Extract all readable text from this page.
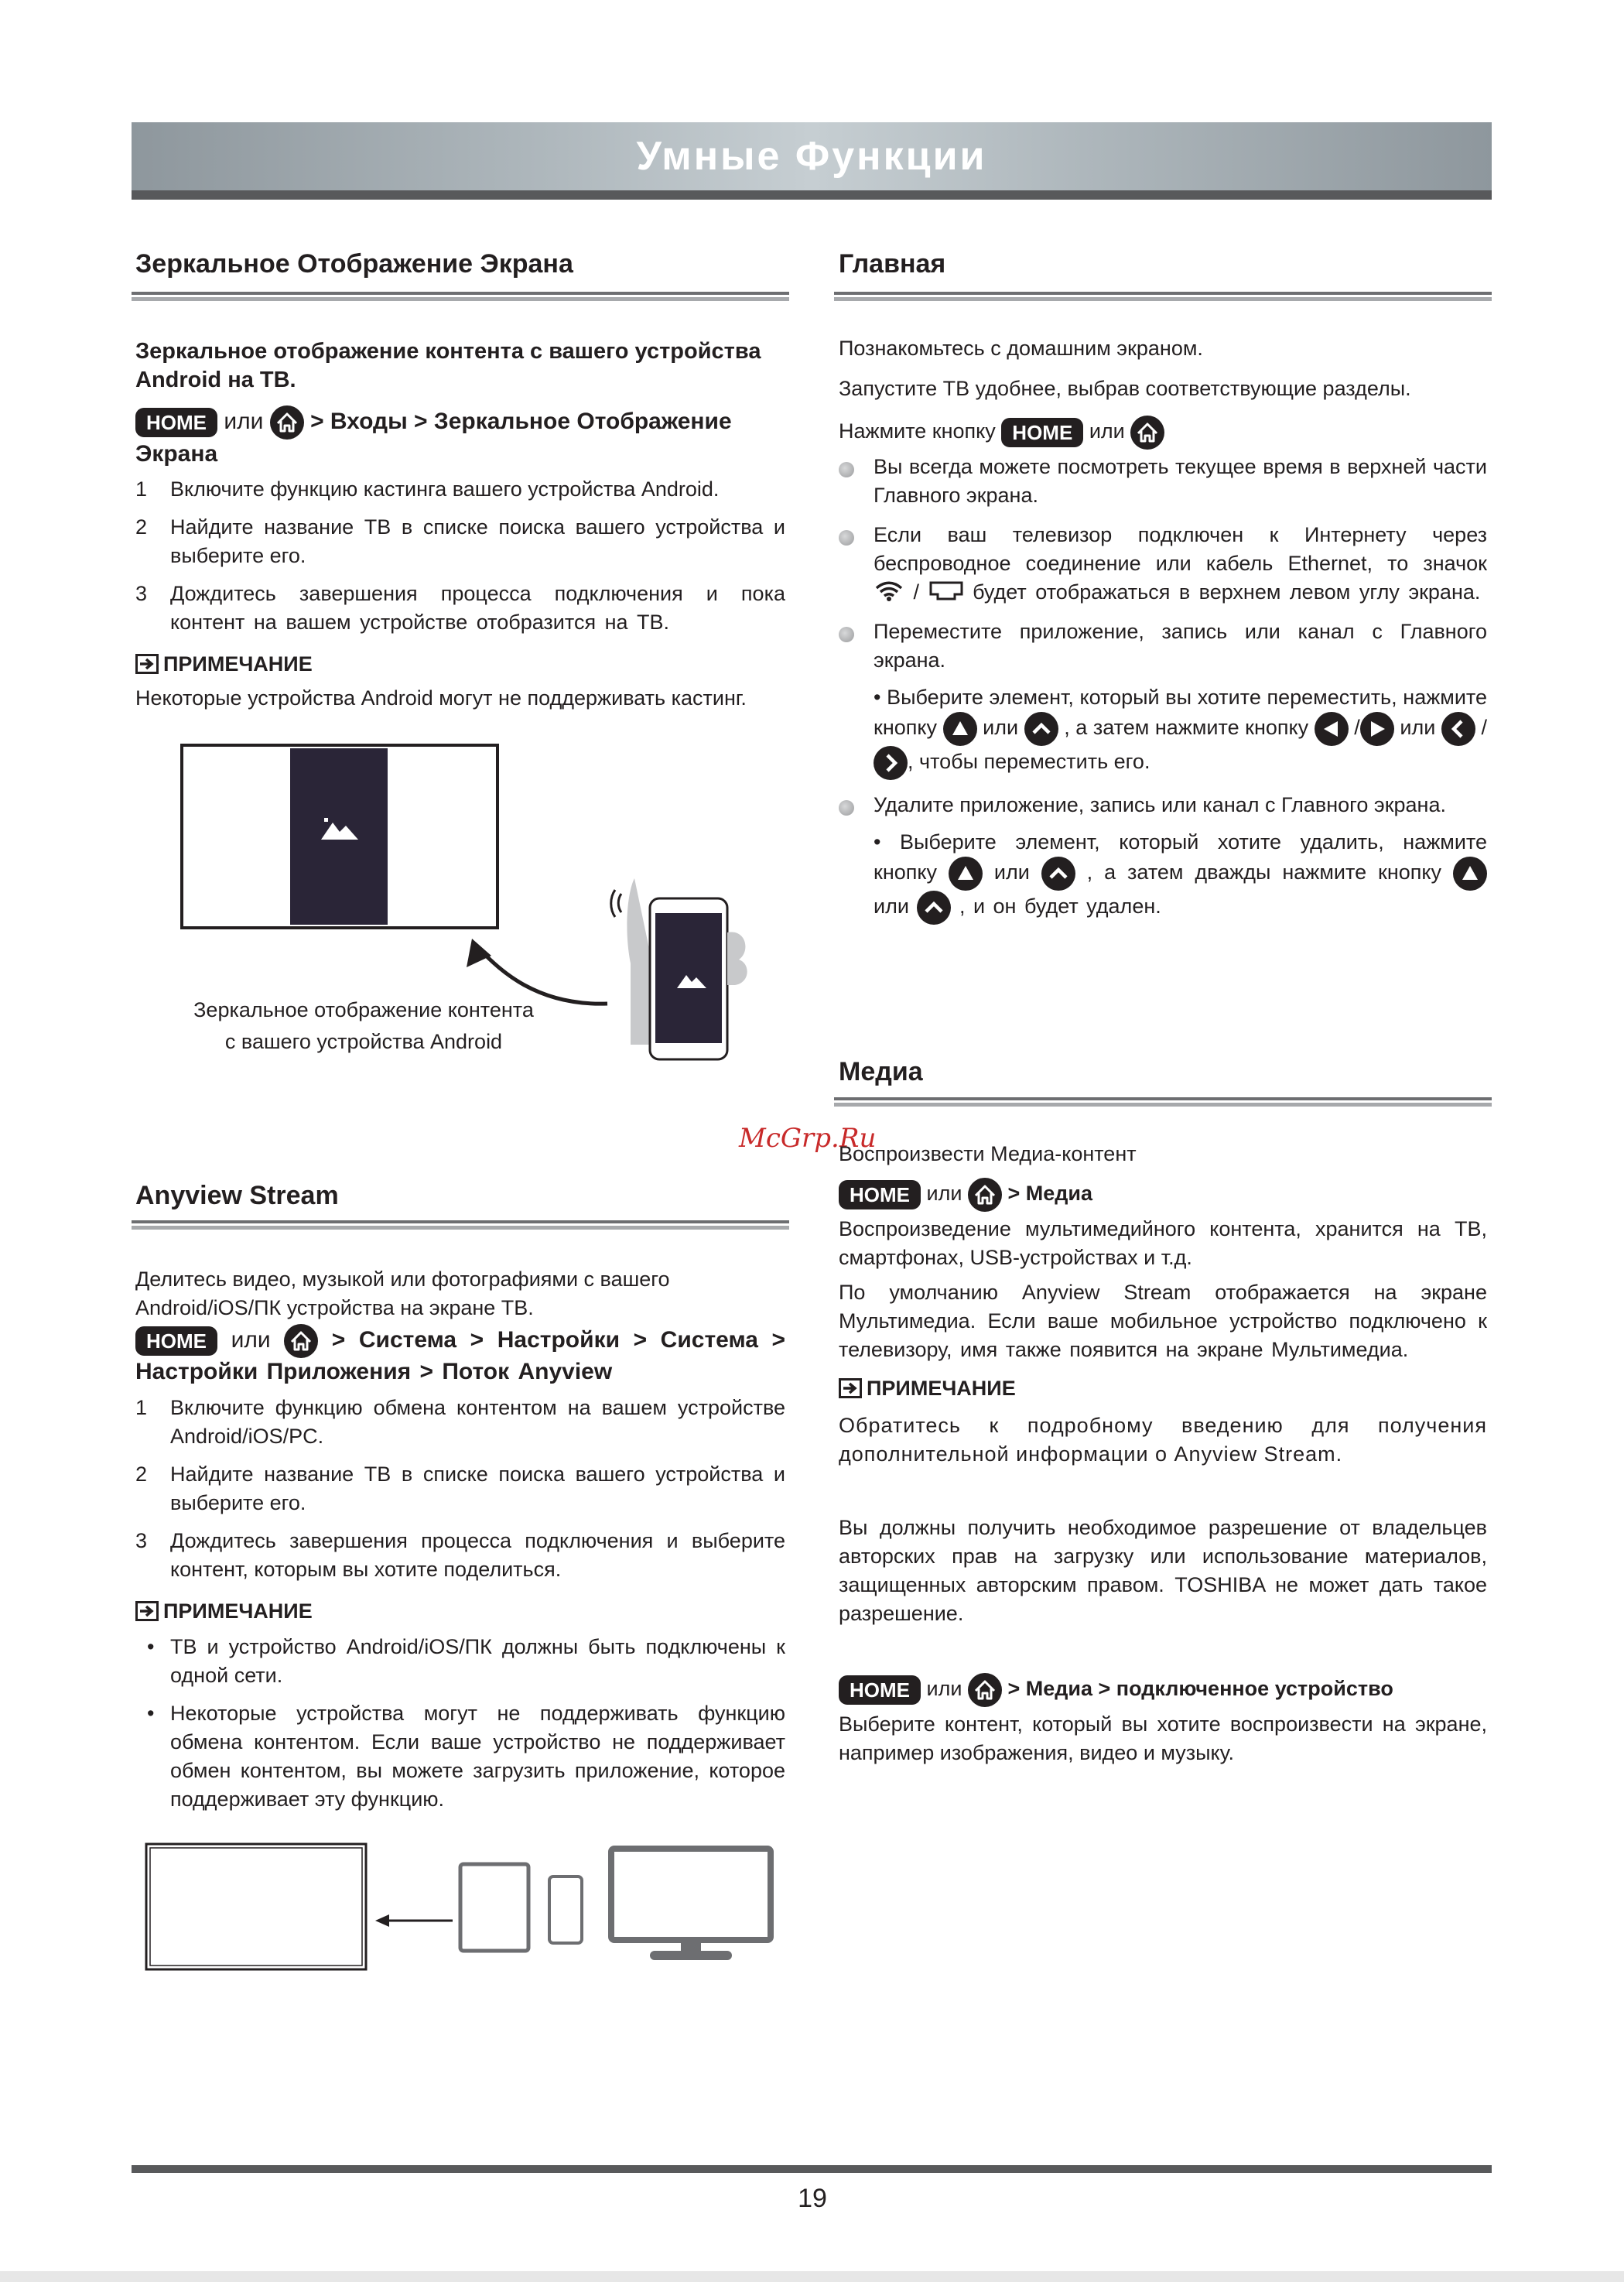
Умные Функции
Зеркальное Отображение Экрана

Зеркальное отображение контента с вашего устройства Android на ТВ.

HOME или > Входы > Зеркальное Отображение Экрана

1 Включите функцию кастинга вашего устройства Android.

2 Найдите название ТВ в списке поиска вашего устройства и выберите его.

3 Дождитесь завершения процесса подключения и пока контент на вашем устройстве отобразится на ТВ.

ПРИМЕЧАНИЕ

Некоторые устройства Android могут не поддерживать кастинг.

Зеркальное отображение контента

с вашего устройства Android

McGrp.Ru
Anyview Stream

Делитесь видео, музыкой или фотографиями с вашего Android/iOS/ПК устройства на экране ТВ.

HOME или	> Система > Настройки > Система > Настройки Приложения > Поток Anyview

1 Включите функцию обмена контентом на вашем устройстве Android/iOS/PC.

2 Найдите название ТВ в списке поиска вашего устройства и выберите его.

3 Дождитесь завершения процесса подключения и выберите контент, которым вы хотите поделиться.

ПРИМЕЧАНИЕ
• ТВ и устройство Android/iOS/ПК должны быть подключены к одной сети.

• Некоторые устройства могут не поддерживать функцию обмена контентом. Если ваше устройство не поддерживает обмен контентом, вы можете загрузить приложение, которое поддерживает эту функцию.

Главная

Познакомьтесь с домашним экраном.

Запустите ТВ удобнее, выбрав соответствующие разделы.

Нажмите кнопку HOME или

Вы всегда можете посмотреть текущее время в верхней части Главного экрана.

Если ваш телевизор подключен к Интернету через беспроводное соединение или кабель Ethernet, то значок  /	будет отображаться в верхнем левом углу экрана.

Переместите приложение, запись или канал с Главного экрана.

• Выберите элемент, который вы хотите переместить, нажмите кнопку или , а затем нажмите кнопку / или /
, чтобы переместить его.

Удалите приложение, запись или канал с Главного экрана.

• Выберите элемент, который хотите удалить, нажмите кнопку	или	, а затем дважды нажмите кнопку
или , и он будет удален.

Медиа

Воспроизвести Медиа-контент

HOME или > Медиа

Воспроизведение мультимедийного контента, хранится на ТВ, смартфонах, USB-устройствах и т.д.

По умолчанию Anyview Stream отображается на экране Мультимедиа. Если ваше мобильное устройство подключено к телевизору, имя также появится на экране Мультимедиа.

ПРИМЕЧАНИЕ

Обратитесь к подробному введению для получения дополнительной информации о Anyview Stream.

Вы должны получить необходимое разрешение от владельцев авторских прав на загрузку или использование материалов, защищенных авторским правом. TOSHIBA не может дать такое разрешение.

HOME или > Медиа > подключенное устройство

Выберите контент, который вы хотите воспроизвести на экране, например изображения, видео и музыку.

19
